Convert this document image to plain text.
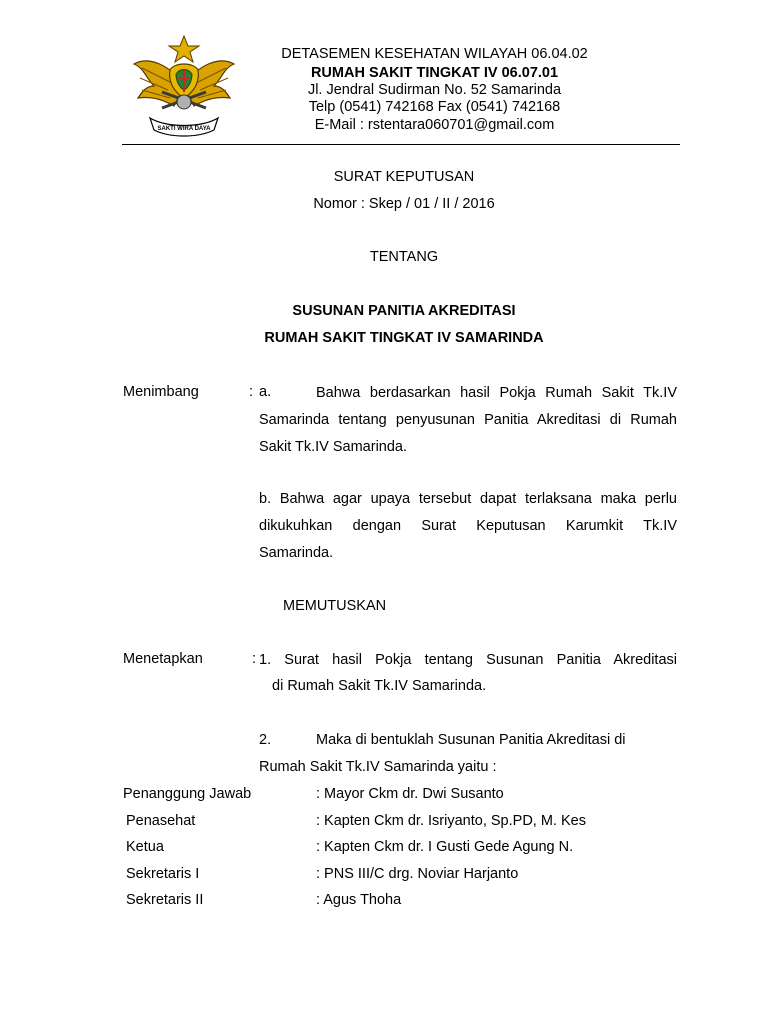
SAKTI WIRA DAYA
DETASEMEN KESEHATAN WILAYAH 06.04.02
RUMAH SAKIT TINGKAT IV 06.07.01
Jl. Jendral Sudirman No. 52 Samarinda
Telp (0541) 742168 Fax (0541) 742168
E-Mail : rstentara060701@gmail.com
SURAT KEPUTUSAN
Nomor : Skep / 01 / II / 2016
TENTANG
SUSUNAN PANITIA AKREDITASI
RUMAH SAKIT TINGKAT IV SAMARINDA
Menimbang	: a.	Bahwa berdasarkan hasil Pokja Rumah Sakit Tk.IV
Samarinda tentang penyusunan Panitia Akreditasi di Rumah
Sakit Tk.IV Samarinda.
b. Bahwa agar upaya tersebut dapat terlaksana maka perlu
dikukuhkan dengan Surat Keputusan Karumkit Tk.IV
Samarinda.
MEMUTUSKAN
Menetapkan	: 1. Surat hasil Pokja tentang Susunan Panitia Akreditasi
di Rumah Sakit Tk.IV Samarinda.
2.	Maka di bentuklah Susunan Panitia Akreditasi di
Rumah Sakit Tk.IV Samarinda yaitu :
Penanggung Jawab	: Mayor Ckm dr. Dwi Susanto
Penasehat	: Kapten Ckm dr. Isriyanto, Sp.PD, M. Kes
Ketua	: Kapten Ckm dr. I Gusti Gede Agung N.
Sekretaris I	: PNS III/C drg. Noviar Harjanto
Sekretaris II	: Agus Thoha
